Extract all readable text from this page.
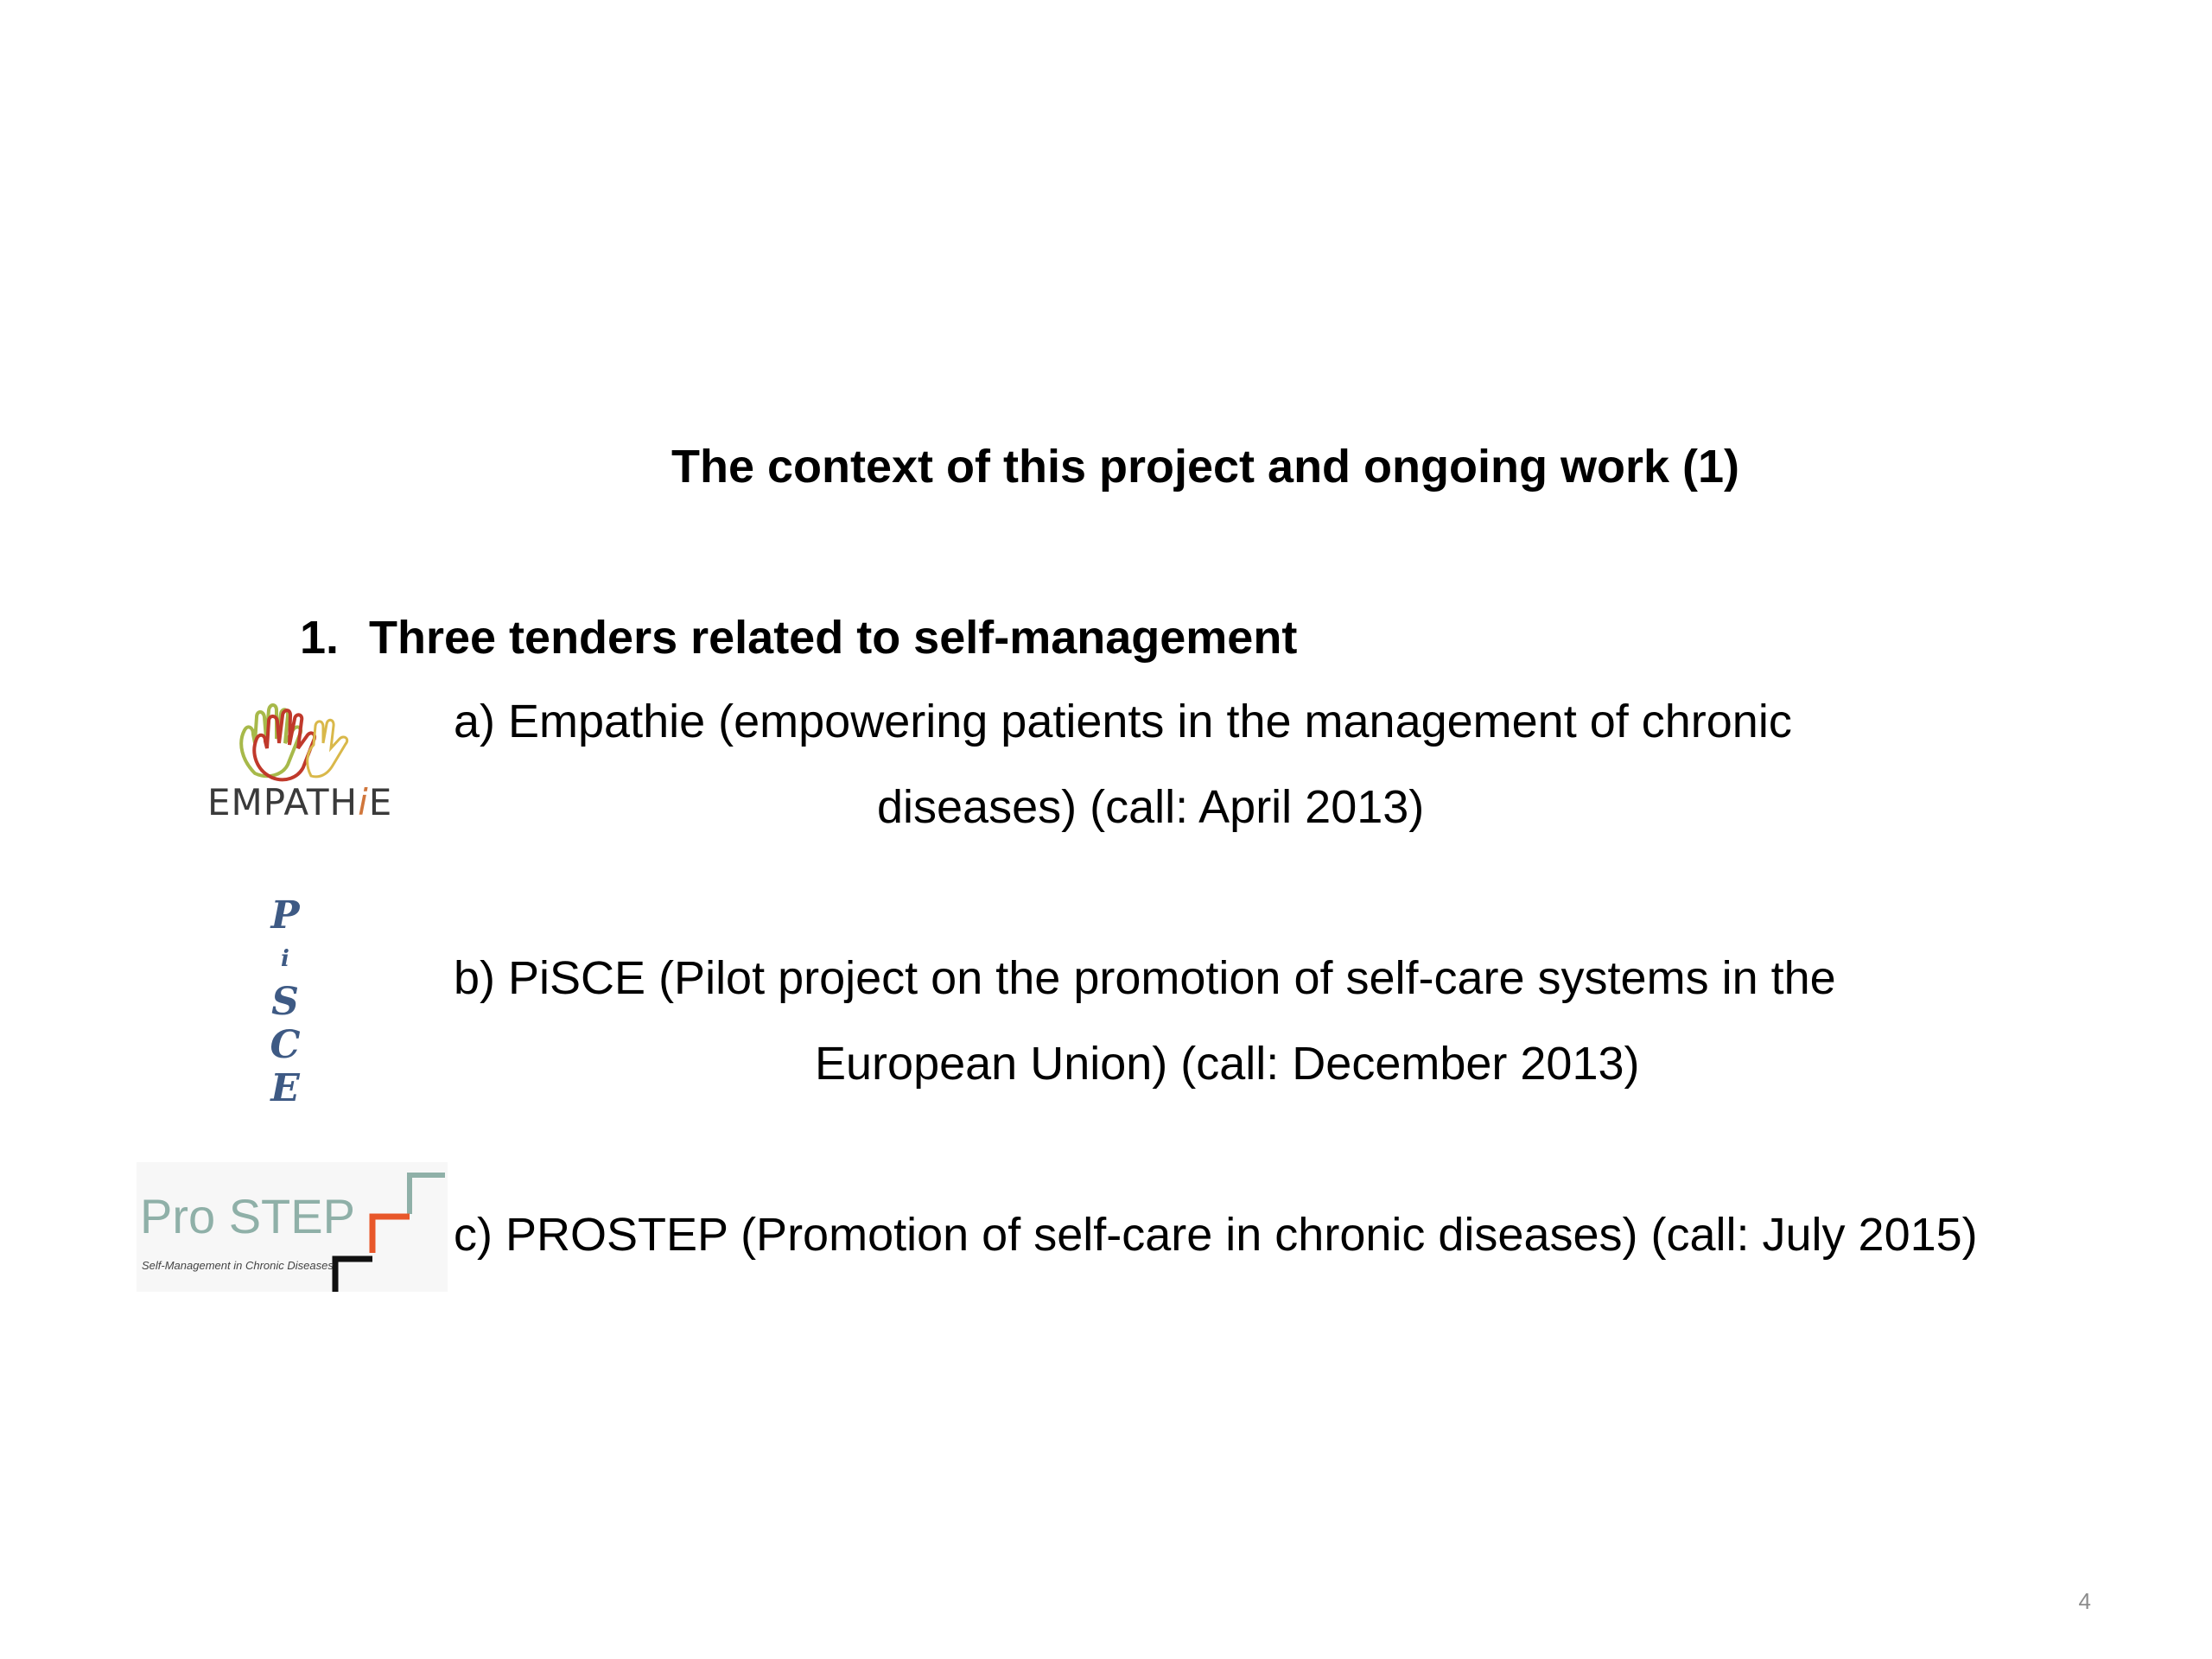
The context of this project and ongoing work (1)
1. Three tenders related to self-management
EMPATHiE
a) Empathie (empowering patients in the management of chronic
diseases) (call: April 2013)
P
i
S
C
E
b) PiSCE (Pilot project on the promotion of self-care systems in the
European Union) (call: December 2013)
Pro STEP
Self-Management in Chronic Diseases
c) PROSTEP (Promotion of self-care in chronic diseases) (call: July 2015)
4
